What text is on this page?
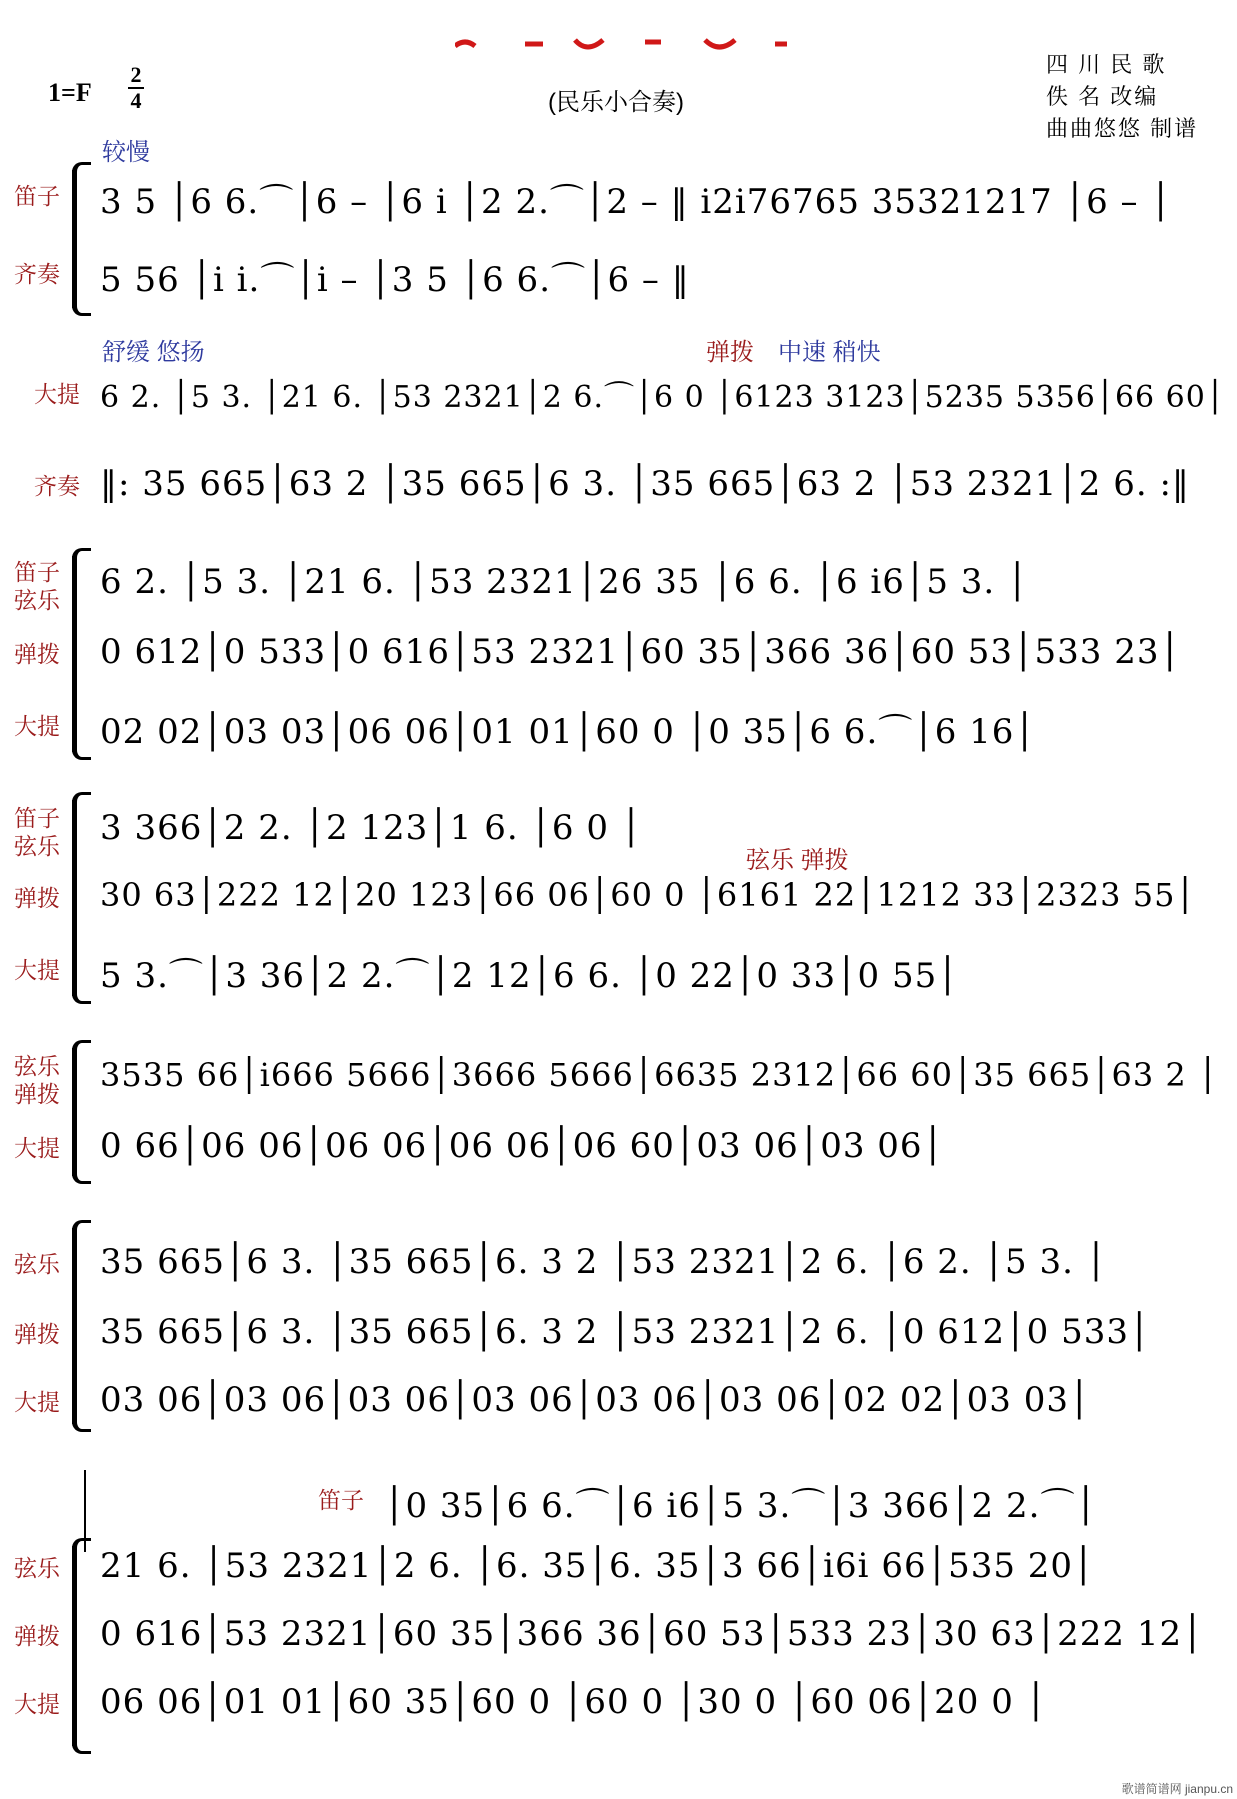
1=F
2
4	(民乐小合奏)
四 川 民 歌
佚 名 改编
曲曲悠悠 制谱
较慢
舒缓 悠扬	弹拨 中速 稍快
弦乐 弹拨
笛子 3 5 │6 6.⌒│6 – │6 i │2 2.⌒│2 – ‖ i2i76765 35321217 │6 – │
齐奏 5 56 │i i.⌒│i – │3 5 │6 6.⌒│6 – ‖
大提 6 2. │5 3. │21 6. │53 2321│2 6.⌒│6 0 │6123 3123│5235 5356│66 60│
齐奏 ‖: 35 665│63 2 │35 665│6 3. │35 665│63 2 │53 2321│2 6. :‖
笛子
弦乐 6 2. │5 3. │21 6. │53 2321│26 35 │6 6. │6 i6│5 3. │
弹拨 0 612│0 533│0 616│53 2321│60 35│366 36│60 53│533 23│
大提 02 02│03 03│06 06│01 01│60 0 │0 35│6 6.⌒│6 16│
笛子
弦乐 3 366│2 2. │2 123│1 6. │6 0 │
弹拨 30 63│222 12│20 123│66 06│60 0 │6161 22│1212 33│2323 55│
大提 5 3.⌒│3 36│2 2.⌒│2 12│6 6. │0 22│0 33│0 55│
弦乐
弹拨 3535 66│i666 5666│3666 5666│6635 2312│66 60│35 665│63 2 │
大提 0 66│06 06│06 06│06 06│06 60│03 06│03 06│
弦乐 35 665│6 3. │35 665│6. 3 2 │53 2321│2 6. │6 2. │5 3. │
弹拨 35 665│6 3. │35 665│6. 3 2 │53 2321│2 6. │0 612│0 533│
大提 03 06│03 06│03 06│03 06│03 06│03 06│02 02│03 03│
笛子 │0 35│6 6.⌒│6 i6│5 3.⌒│3 366│2 2.⌒│
弦乐 21 6. │53 2321│2 6. │6. 35│6. 35│3 66│i6i 66│535 20│
弹拨 0 616│53 2321│60 35│366 36│60 53│533 23│30 63│222 12│
大提 06 06│01 01│60 35│60 0 │60 0 │30 0 │60 06│20 0 │
歌谱简谱网 jianpu.cn
